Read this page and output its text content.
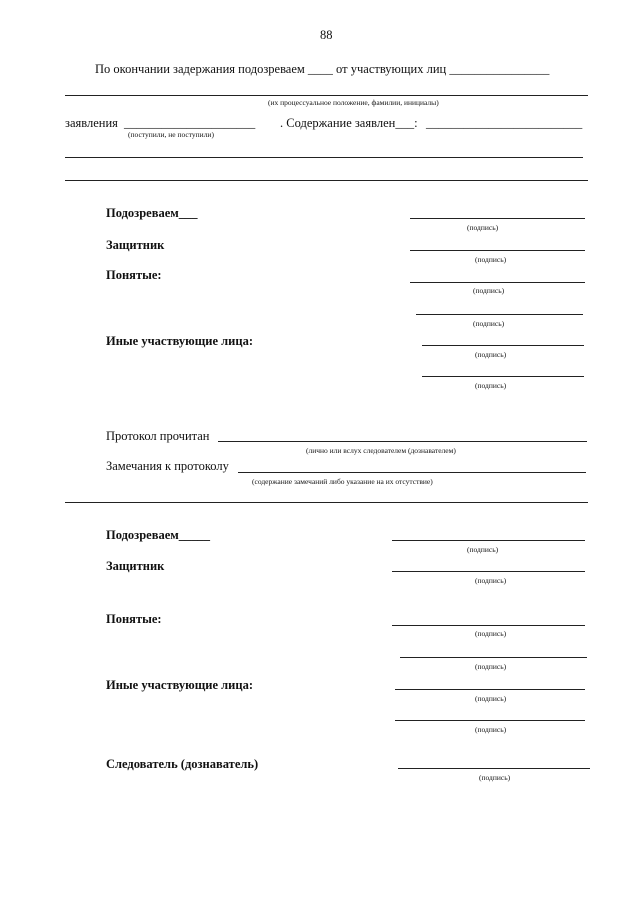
88
По окончании задержания подозреваем ____ от участвующих лиц ________________
(их процессуальное положение, фамилии, инициалы)
заявления _____________________ . Содержание заявлен___: _________________________
(поступили, не поступили)
Подозреваем___
(подпись)
Защитник
(подпись)
Понятые:
(подпись)
(подпись)
Иные участвующие лица:
(подпись)
(подпись)
Протокол прочитан
(лично или вслух следователем (дознавателем)
Замечания к протоколу
(содержание замечаний либо указание на их отсутствие)
Подозреваем_____
(подпись)
Защитник
(подпись)
Понятые:
(подпись)
(подпись)
Иные участвующие лица:
(подпись)
(подпись)
Следователь (дознаватель)
(подпись)
